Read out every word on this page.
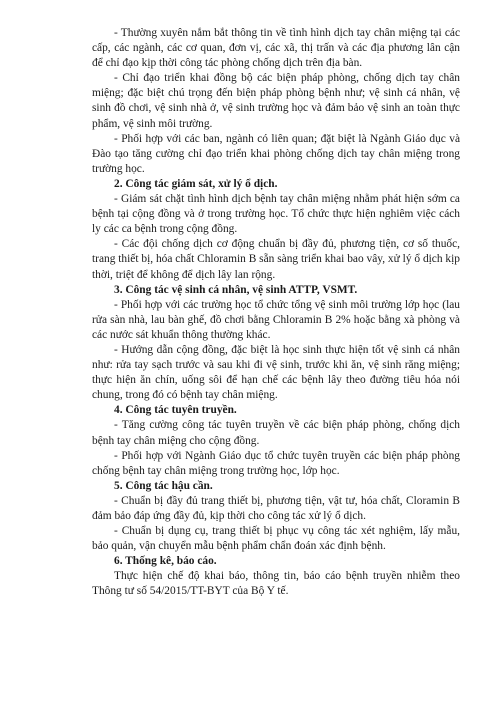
- Thường xuyên nắm bắt thông tin về tình hình dịch tay chân miệng tại các cấp, các ngành, các cơ quan, đơn vị, các xã, thị trấn và các địa phương lân cận để chỉ đạo kịp thời công tác phòng chống dịch trên địa bàn.

- Chỉ đạo triển khai đồng bộ các biện pháp phòng, chống dịch tay chân miệng; đặc biệt chú trọng đến biện pháp phòng bệnh như; vệ sinh cá nhân, vệ sinh đồ chơi, vệ sinh nhà ở, vệ sinh trường học và đảm bảo vệ sinh an toàn thực phẩm, vệ sinh môi trường.

- Phối hợp với các ban, ngành có liên quan; đặt biệt là Ngành Giáo dục và Đào tạo tăng cường chỉ đạo triển khai phòng chống dịch tay chân miệng trong trường học.

2. Công tác giám sát, xử lý ổ dịch.

- Giám sát chặt tình hình dịch bệnh tay chân miệng nhằm phát hiện sớm ca bệnh tại cộng đồng và ở trong trường học. Tổ chức thực hiện nghiêm việc cách ly các ca bệnh trong cộng đồng.

- Các đội chống dịch cơ động chuẩn bị đầy đủ, phương tiện, cơ số thuốc, trang thiết bị, hóa chất Chloramin B sẵn sàng triển khai bao vây, xử lý ổ dịch kịp thời, triệt để không để dịch lây lan rộng.

3. Công tác vệ sinh cá nhân, vệ sinh ATTP, VSMT.

- Phối hợp với các trường học tổ chức tổng vệ sinh môi trường lớp học (lau rửa sàn nhà, lau bàn ghế, đồ chơi bằng Chloramin B 2% hoặc bằng xà phòng và các nước sát khuẩn thông thường khác.

- Hướng dẫn cộng đồng, đặc biệt là học sinh thực hiện tốt vệ sinh cá nhân như: rửa tay sạch trước và sau khi đi vệ sinh, trước khi ăn, vệ sinh răng miệng; thực hiện ăn chín, uống sôi để hạn chế các bệnh lây theo đường tiêu hóa nói chung, trong đó có bệnh tay chân miệng.

4. Công tác tuyên truyền.

- Tăng cường công tác tuyên truyền về các biện pháp phòng, chống dịch bệnh tay chân miệng cho cộng đồng.

- Phối hợp với Ngành Giáo dục tổ chức tuyên truyền các biện pháp phòng chống bệnh tay chân miệng trong trường học, lớp học.

5. Công tác hậu cần.

- Chuẩn bị đầy đủ trang thiết bị, phương tiện, vật tư, hóa chất, Cloramin B đảm bảo đáp ứng đầy đủ, kịp thời cho công tác xử lý ổ dịch.

- Chuẩn bị dụng cụ, trang thiết bị phục vụ công tác xét nghiệm, lấy mẫu, bảo quản, vận chuyển mẫu bệnh phẩm chẩn đoán xác định bệnh.

6. Thống kê, báo cáo.

Thực hiện chế độ khai báo, thông tin, báo cáo bệnh truyền nhiễm theo Thông tư số 54/2015/TT-BYT của Bộ Y tế.
